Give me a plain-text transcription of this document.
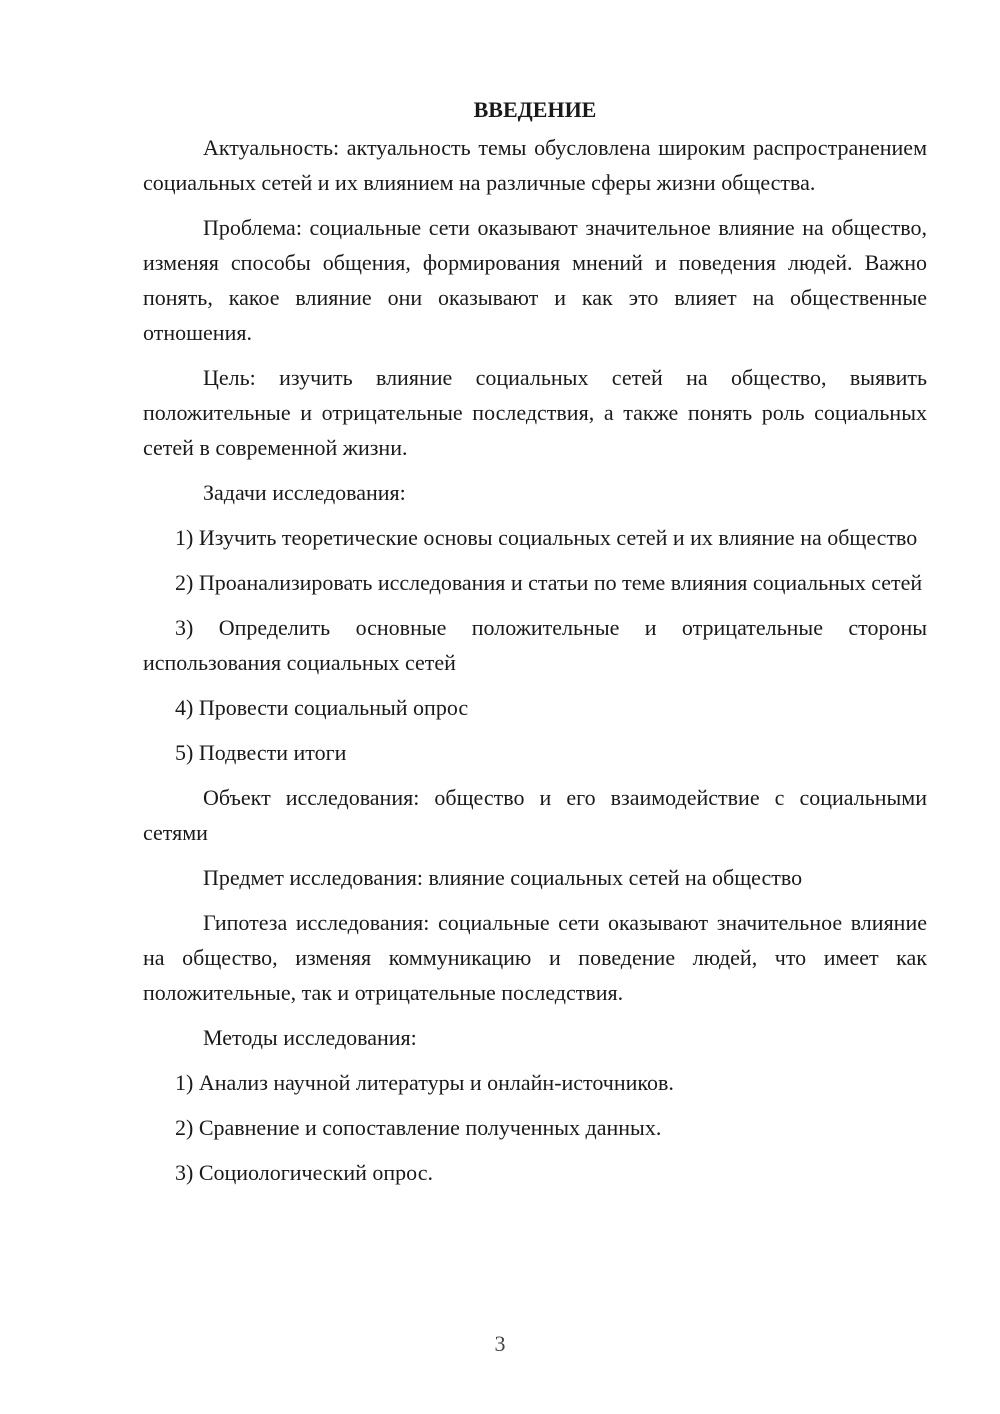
ВВЕДЕНИЕ

Актуальность: актуальность темы обусловлена широким распространением социальных сетей и их влиянием на различные сферы жизни общества.

Проблема: социальные сети оказывают значительное влияние на общество, изменяя способы общения, формирования мнений и поведения людей. Важно понять, какое влияние они оказывают и как это влияет на общественные отношения.

Цель: изучить влияние социальных сетей на общество, выявить положительные и отрицательные последствия, а также понять роль социальных сетей в современной жизни.

Задачи исследования:

1) Изучить теоретические основы социальных сетей и их влияние на общество

2) Проанализировать исследования и статьи по теме влияния социальных сетей

3) Определить основные положительные и отрицательные стороны использования социальных сетей

4) Провести социальный опрос

5) Подвести итоги

Объект исследования: общество и его взаимодействие с социальными сетями

Предмет исследования: влияние социальных сетей на общество

Гипотеза исследования: социальные сети оказывают значительное влияние на общество, изменяя коммуникацию и поведение людей, что имеет как положительные, так и отрицательные последствия.

Методы исследования:

1) Анализ научной литературы и онлайн-источников.

2) Сравнение и сопоставление полученных данных.

3) Социологический опрос.

3
